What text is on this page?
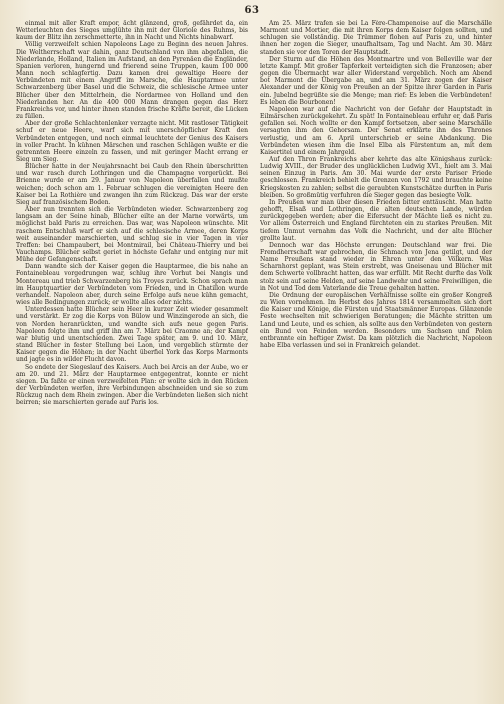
63

einmal mit aller Kraft empor, ächt glänzend, groß, gefährdet da, ein Wetterleuchten des Sieges umglühte ihn mit der Gloriole des Ruhms, bis kaum der Blitz ihn zerschmetterte, ihn in Nacht und Nichts hinabwarf.

Völlig verzweifelt schien Napoleons Lage zu Beginn des neuen Jahres. Die Weltherrschaft war dahin, ganz Deutschland von ihm abgefallen, die Niederlande, Holland, Italien im Aufstand, an den Pyrenäen die Engländer, Spanien verloren, hungernd und frierend seine Truppen, kaum 100 000 Mann noch schlagfertig. Dazu kamen drei gewaltige Heere der Verbündeten mit einem Angriff im Marsche, die Hauptarmee unter Schwarzenberg über Basel und die Schweiz, die schlesische Armee unter Blücher über den Mittelrhein, die Nordarmee von Holland und den Niederlanden her. An die 400 000 Mann drangen gegen das Herz Frankreichs vor, und hinter ihnen standen frische Kräfte bereit, die Lücken zu füllen.

Aber der große Schlachtenlenker verzagte nicht. Mit rastloser Tätigkeit schuf er neue Heere, warf sich mit unerschöpflicher Kraft den Verbündeten entgegen, und noch einmal leuchtete der Genius des Kaisers in voller Pracht. In kühnen Märschen und raschen Schlägen wußte er die getrennten Heere einzeln zu fassen, und mit geringer Macht errang er Sieg um Sieg.

Blücher hatte in der Neujahrsnacht bei Caub den Rhein überschritten und war rasch durch Lothringen und die Champagne vorgerückt. Bei Brienne wurde er am 29. Januar von Napoleon überfallen und mußte weichen; doch schon am 1. Februar schlugen die vereinigten Heere den Kaiser bei La Rothière und zwangen ihn zum Rückzug. Das war der erste Sieg auf französischem Boden.

Aber nun trennten sich die Verbündeten wieder. Schwarzenberg zog langsam an der Seine hinab, Blücher eilte an der Marne vorwärts, um möglichst bald Paris zu erreichen. Das war, was Napoleon wünschte. Mit raschem Entschluß warf er sich auf die schlesische Armee, deren Korps weit auseinander marschierten, und schlug sie in vier Tagen in vier Treffen: bei Champaubert, bei Montmirail, bei Château-Thierry und bei Vauchamps. Blücher selbst geriet in höchste Gefahr und entging nur mit Mühe der Gefangenschaft.

Dann wandte sich der Kaiser gegen die Hauptarmee, die bis nahe an Fontainebleau vorgedrungen war, schlug ihre Vorhut bei Nangis und Montereau und trieb Schwarzenberg bis Troyes zurück. Schon sprach man im Hauptquartier der Verbündeten vom Frieden, und in Chatillon wurde verhandelt. Napoleon aber, durch seine Erfolge aufs neue kühn gemacht, wies alle Bedingungen zurück; er wollte alles oder nichts.

Unterdessen hatte Blücher sein Heer in kurzer Zeit wieder gesammelt und verstärkt. Er zog die Korps von Bülow und Winzingerode an sich, die von Norden heranrückten, und wandte sich aufs neue gegen Paris. Napoleon folgte ihm und griff ihn am 7. März bei Craonne an; der Kampf war blutig und unentschieden. Zwei Tage später, am 9. und 10. März, stand Blücher in fester Stellung bei Laon, und vergeblich stürmte der Kaiser gegen die Höhen; in der Nacht überfiel York das Korps Marmonts und jagte es in wilder Flucht davon.

So endete der Siegeslauf des Kaisers. Auch bei Arcis an der Aube, wo er am 20. und 21. März der Hauptarmee entgegentrat, konnte er nicht siegen. Da faßte er einen verzweifelten Plan: er wollte sich in den Rücken der Verbündeten werfen, ihre Verbindungen abschneiden und sie so zum Rückzug nach dem Rhein zwingen. Aber die Verbündeten ließen sich nicht beirren; sie marschierten gerade auf Paris los.

Am 25. März trafen sie bei La Fère-Champenoise auf die Marschälle Marmont und Mortier, die mit ihren Korps dem Kaiser folgen sollten, und schlugen sie vollständig. Die Trümmer flohen auf Paris zu, und hinter ihnen her zogen die Sieger, unaufhaltsam, Tag und Nacht. Am 30. März standen sie vor den Toren der Hauptstadt.

Der Sturm auf die Höhen des Montmartre und von Belleville war der letzte Kampf. Mit großer Tapferkeit verteidigten sich die Franzosen; aber gegen die Übermacht war aller Widerstand vergeblich. Noch am Abend bot Marmont die Übergabe an, und am 31. März zogen der Kaiser Alexander und der König von Preußen an der Spitze ihrer Garden in Paris ein. Jubelnd begrüßte sie die Menge; man rief: Es leben die Verbündeten! Es leben die Bourbonen!

Napoleon war auf die Nachricht von der Gefahr der Hauptstadt in Eilmärschen zurückgekehrt. Zu spät! In Fontainebleau erfuhr er, daß Paris gefallen sei. Noch wollte er den Kampf fortsetzen, aber seine Marschälle versagten ihm den Gehorsam. Der Senat erklärte ihn des Thrones verlustig, und am 6. April unterschrieb er seine Abdankung. Die Verbündeten wiesen ihm die Insel Elba als Fürstentum an, mit dem Kaisertitel und einem Jahrgeld.

Auf den Thron Frankreichs aber kehrte das alte Königshaus zurück: Ludwig XVIII., der Bruder des unglücklichen Ludwig XVI., hielt am 3. Mai seinen Einzug in Paris. Am 30. Mai wurde der erste Pariser Friede geschlossen. Frankreich behielt die Grenzen von 1792 und brauchte keine Kriegskosten zu zahlen; selbst die geraubten Kunstschätze durften in Paris bleiben. So großmütig verfuhren die Sieger gegen das besiegte Volk.

In Preußen war man über diesen Frieden bitter enttäuscht. Man hatte gehofft, Elsaß und Lothringen, die alten deutschen Lande, würden zurückgegeben werden; aber die Eifersucht der Mächte ließ es nicht zu. Vor allem Österreich und England fürchteten ein zu starkes Preußen. Mit tiefem Unmut vernahm das Volk die Nachricht, und der alte Blücher grollte laut.

Dennoch war das Höchste errungen: Deutschland war frei. Die Fremdherrschaft war gebrochen, die Schmach von Jena getilgt, und der Name Preußens stand wieder in Ehren unter den Völkern. Was Scharnhorst geplant, was Stein erstrebt, was Gneisenau und Blücher mit dem Schwerte vollbracht hatten, das war erfüllt. Mit Recht durfte das Volk stolz sein auf seine Helden, auf seine Landwehr und seine Freiwilligen, die in Not und Tod dem Vaterlande die Treue gehalten hatten.

Die Ordnung der europäischen Verhältnisse sollte ein großer Kongreß zu Wien vornehmen. Im Herbst des Jahres 1814 versammelten sich dort die Kaiser und Könige, die Fürsten und Staatsmänner Europas. Glänzende Feste wechselten mit schwierigen Beratungen; die Mächte stritten um Land und Leute, und es schien, als sollte aus den Verbündeten von gestern ein Bund von Feinden werden. Besonders um Sachsen und Polen entbrannte ein heftiger Zwist. Da kam plötzlich die Nachricht, Napoleon habe Elba verlassen und sei in Frankreich gelandet.
